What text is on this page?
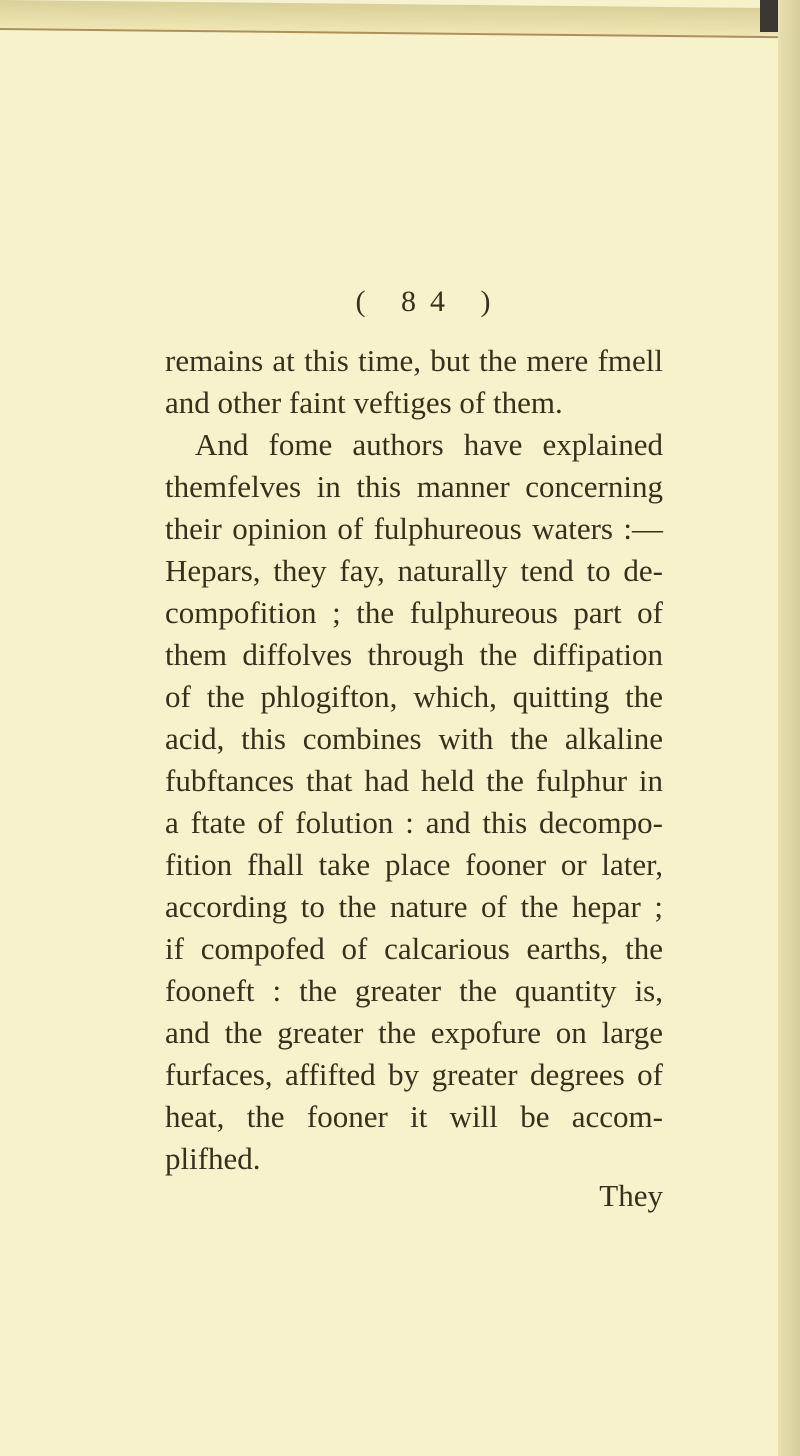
( 84 )
remains at this time, but the mere fmell
and other faint veftiges of them.
And fome authors have explained
themfelves in this manner concerning
their opinion of fulphureous waters :—
Hepars, they fay, naturally tend to de-
compofition ; the fulphureous part of
them diffolves through the diffipation
of the phlogifton, which, quitting the
acid, this combines with the alkaline
fubftances that had held the fulphur in
a ftate of folution : and this decompo-
fition fhall take place fooner or later,
according to the nature of the hepar ;
if compofed of calcarious earths, the
fooneft : the greater the quantity is,
and the greater the expofure on large
furfaces, affifted by greater degrees of
heat, the fooner it will be accom-
plifhed.
They
